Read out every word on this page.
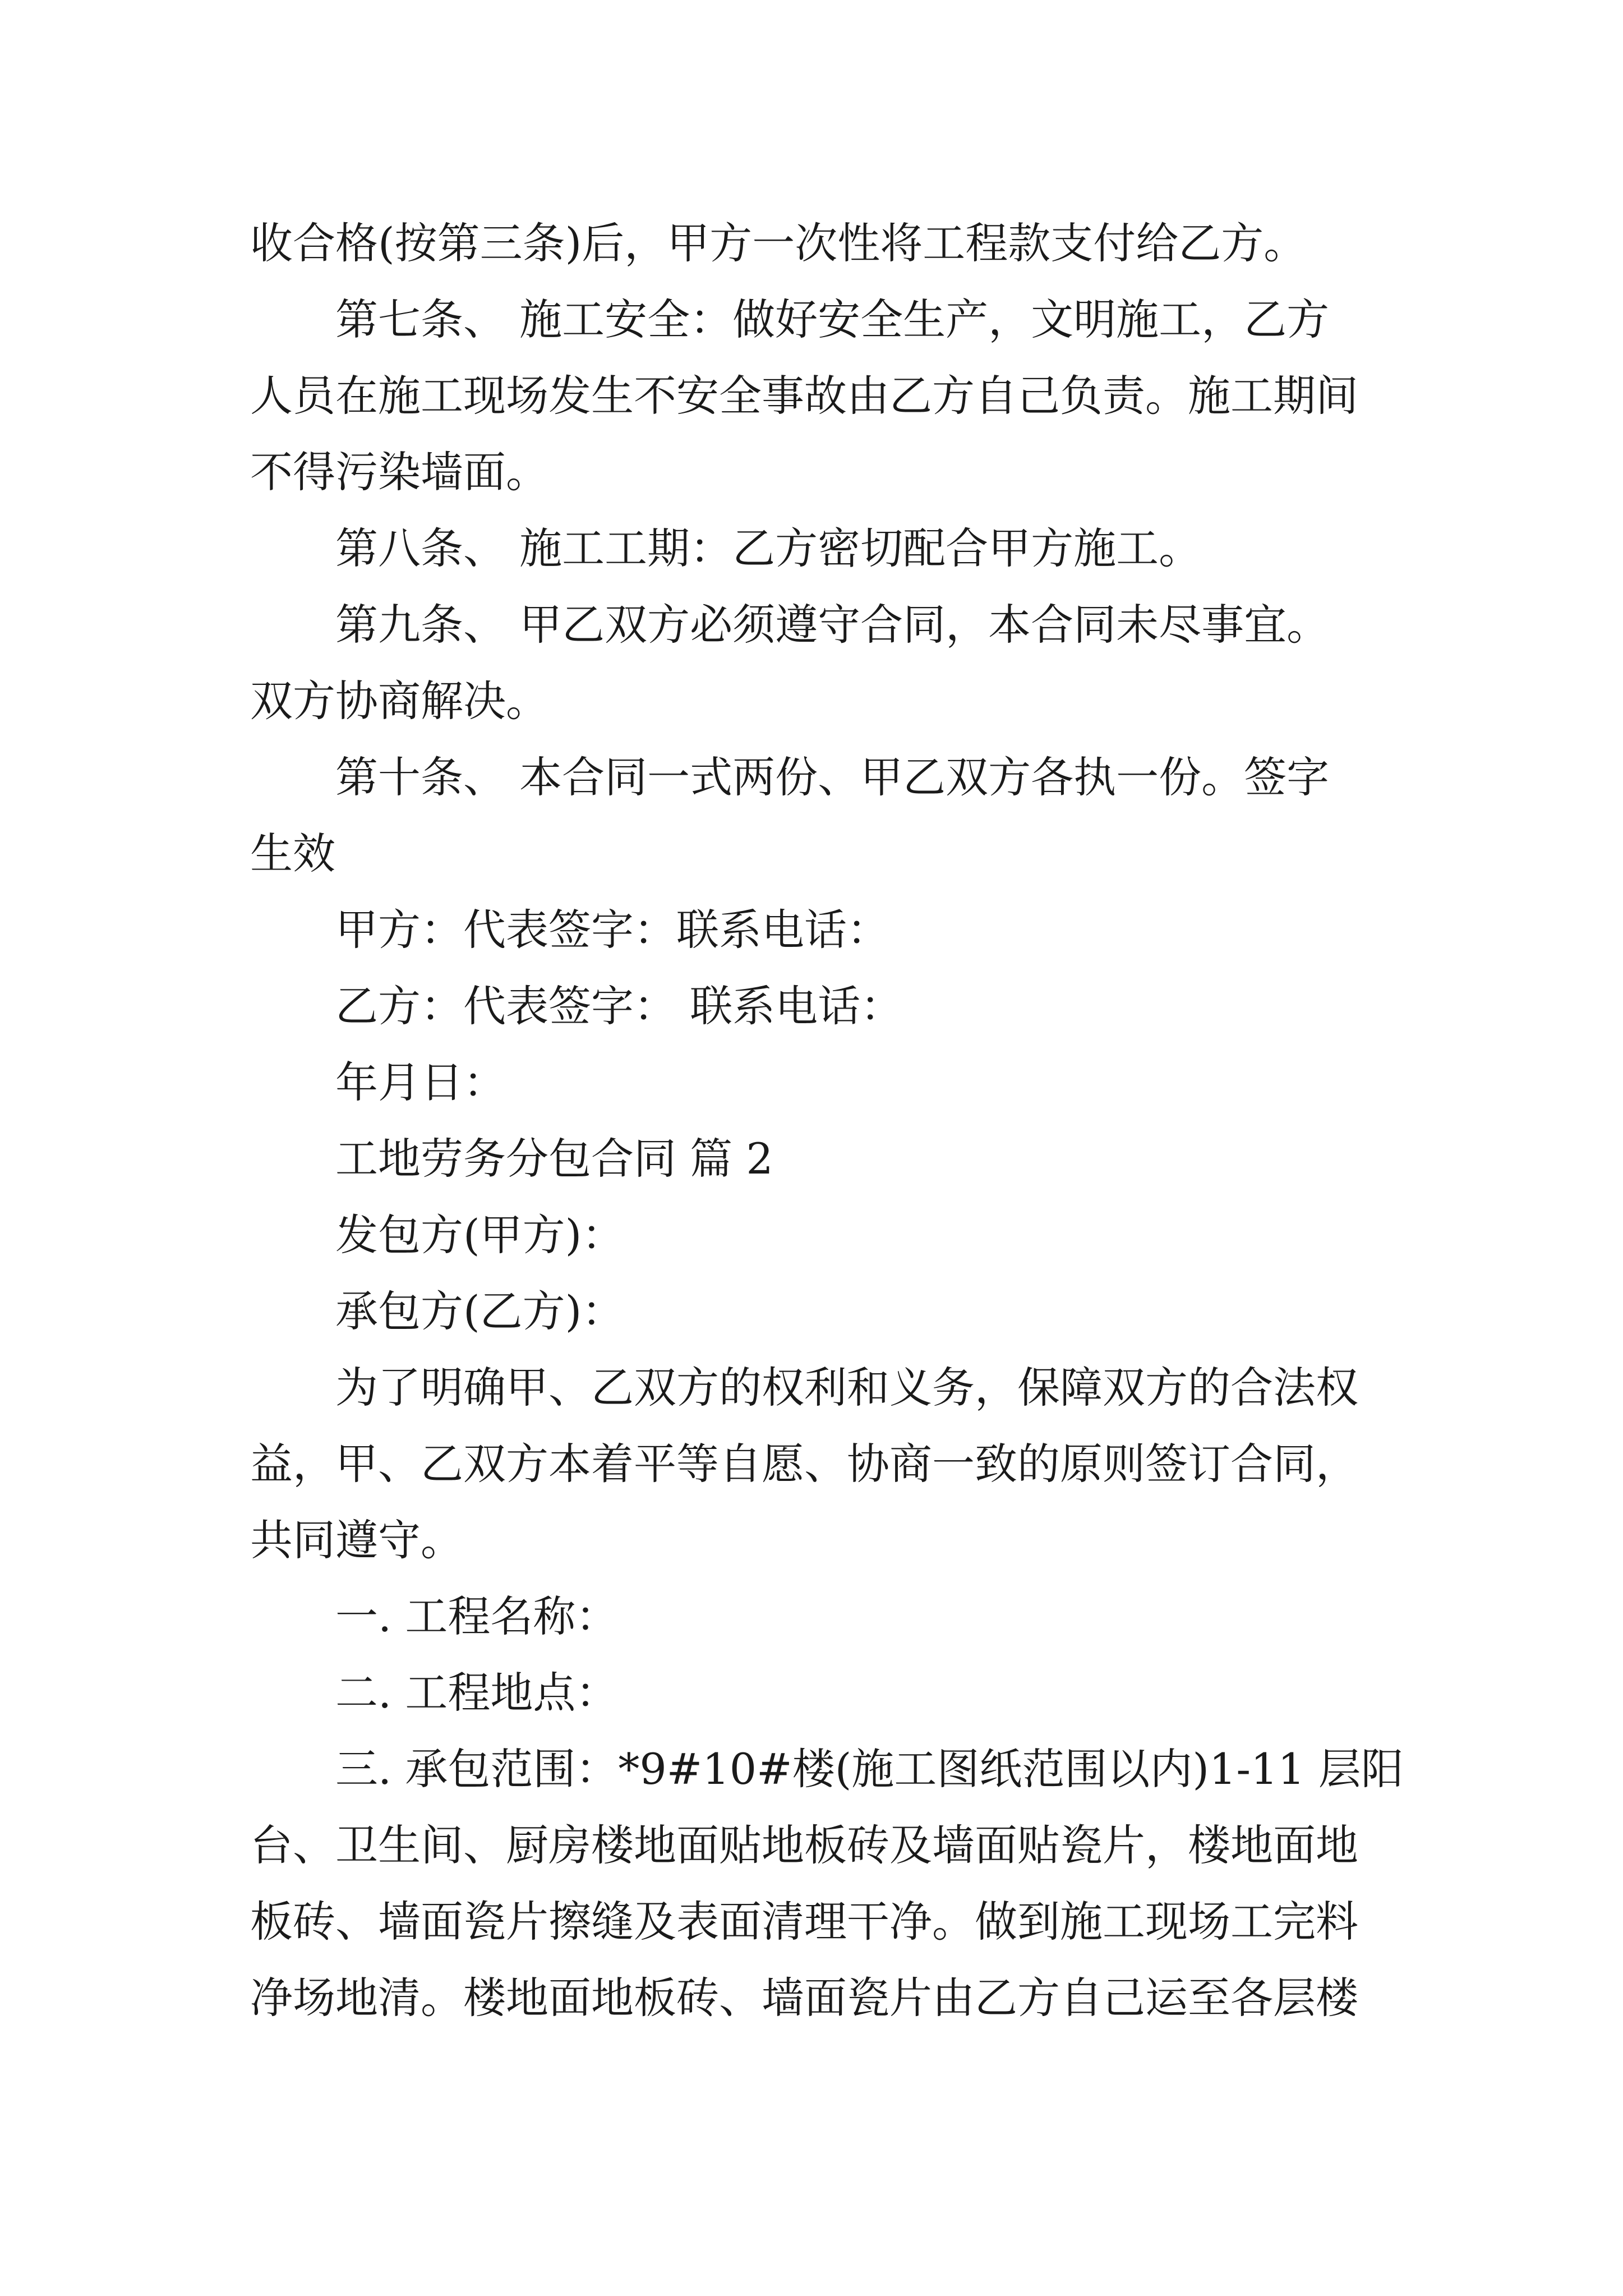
收合格(按第三条)后，甲方一次性将工程款支付给乙方。
第七条、 施工安全：做好安全生产，文明施工，乙方
人员在施工现场发生不安全事故由乙方自己负责。施工期间
不得污染墙面。
第八条、 施工工期：乙方密切配合甲方施工。
第九条、 甲乙双方必须遵守合同，本合同未尽事宜。
双方协商解决。
第十条、 本合同一式两份、甲乙双方各执一份。签字
生效
甲方：代表签字：联系电话：
乙方：代表签字： 联系电话：
年月日：
工地劳务分包合同 篇 2
发包方(甲方)：
承包方(乙方)：
为了明确甲、乙双方的权利和义务，保障双方的合法权
益，甲、乙双方本着平等自愿、协商一致的原则签订合同，
共同遵守。
一. 工程名称：
二. 工程地点：
三. 承包范围：*9#10#楼(施工图纸范围以内)1-11 层阳
台、卫生间、厨房楼地面贴地板砖及墙面贴瓷片，楼地面地
板砖、墙面瓷片擦缝及表面清理干净。做到施工现场工完料
净场地清。楼地面地板砖、墙面瓷片由乙方自己运至各层楼
